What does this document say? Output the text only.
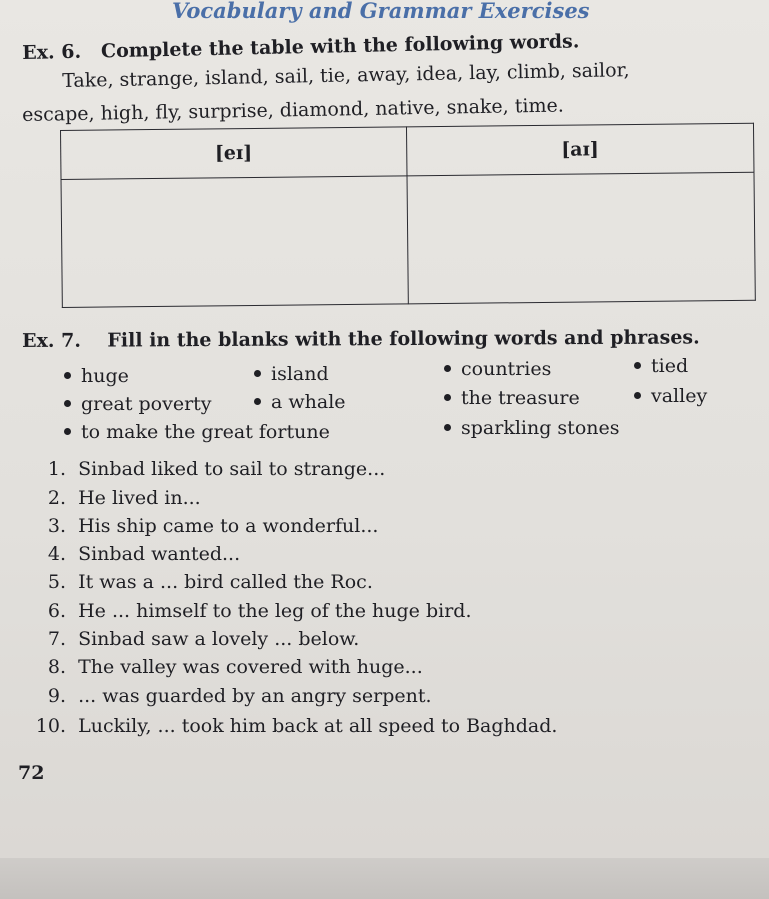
Vocabulary and Grammar Exercises
Ex. 6. Complete the table with the following words.
Take, strange, island, sail, tie, away, idea, lay, climb, sailor,
escape, high, fly, surprise, diamond, native, snake, time.
[eɪ]	[aɪ]

Ex. 7. Fill in the blanks with the following words and phrases.
huge	island	countries	tied
great poverty	a whale	the treasure	valley
to make the great fortune	sparkling stones
1. Sinbad liked to sail to strange...
2. He lived in...
3. His ship came to a wonderful...
4. Sinbad wanted...
5. It was a ... bird called the Roc.
6. He ... himself to the leg of the huge bird.
7. Sinbad saw a lovely ... below.
8. The valley was covered with huge...
9. ... was guarded by an angry serpent.
10. Luckily, ... took him back at all speed to Baghdad.
72
